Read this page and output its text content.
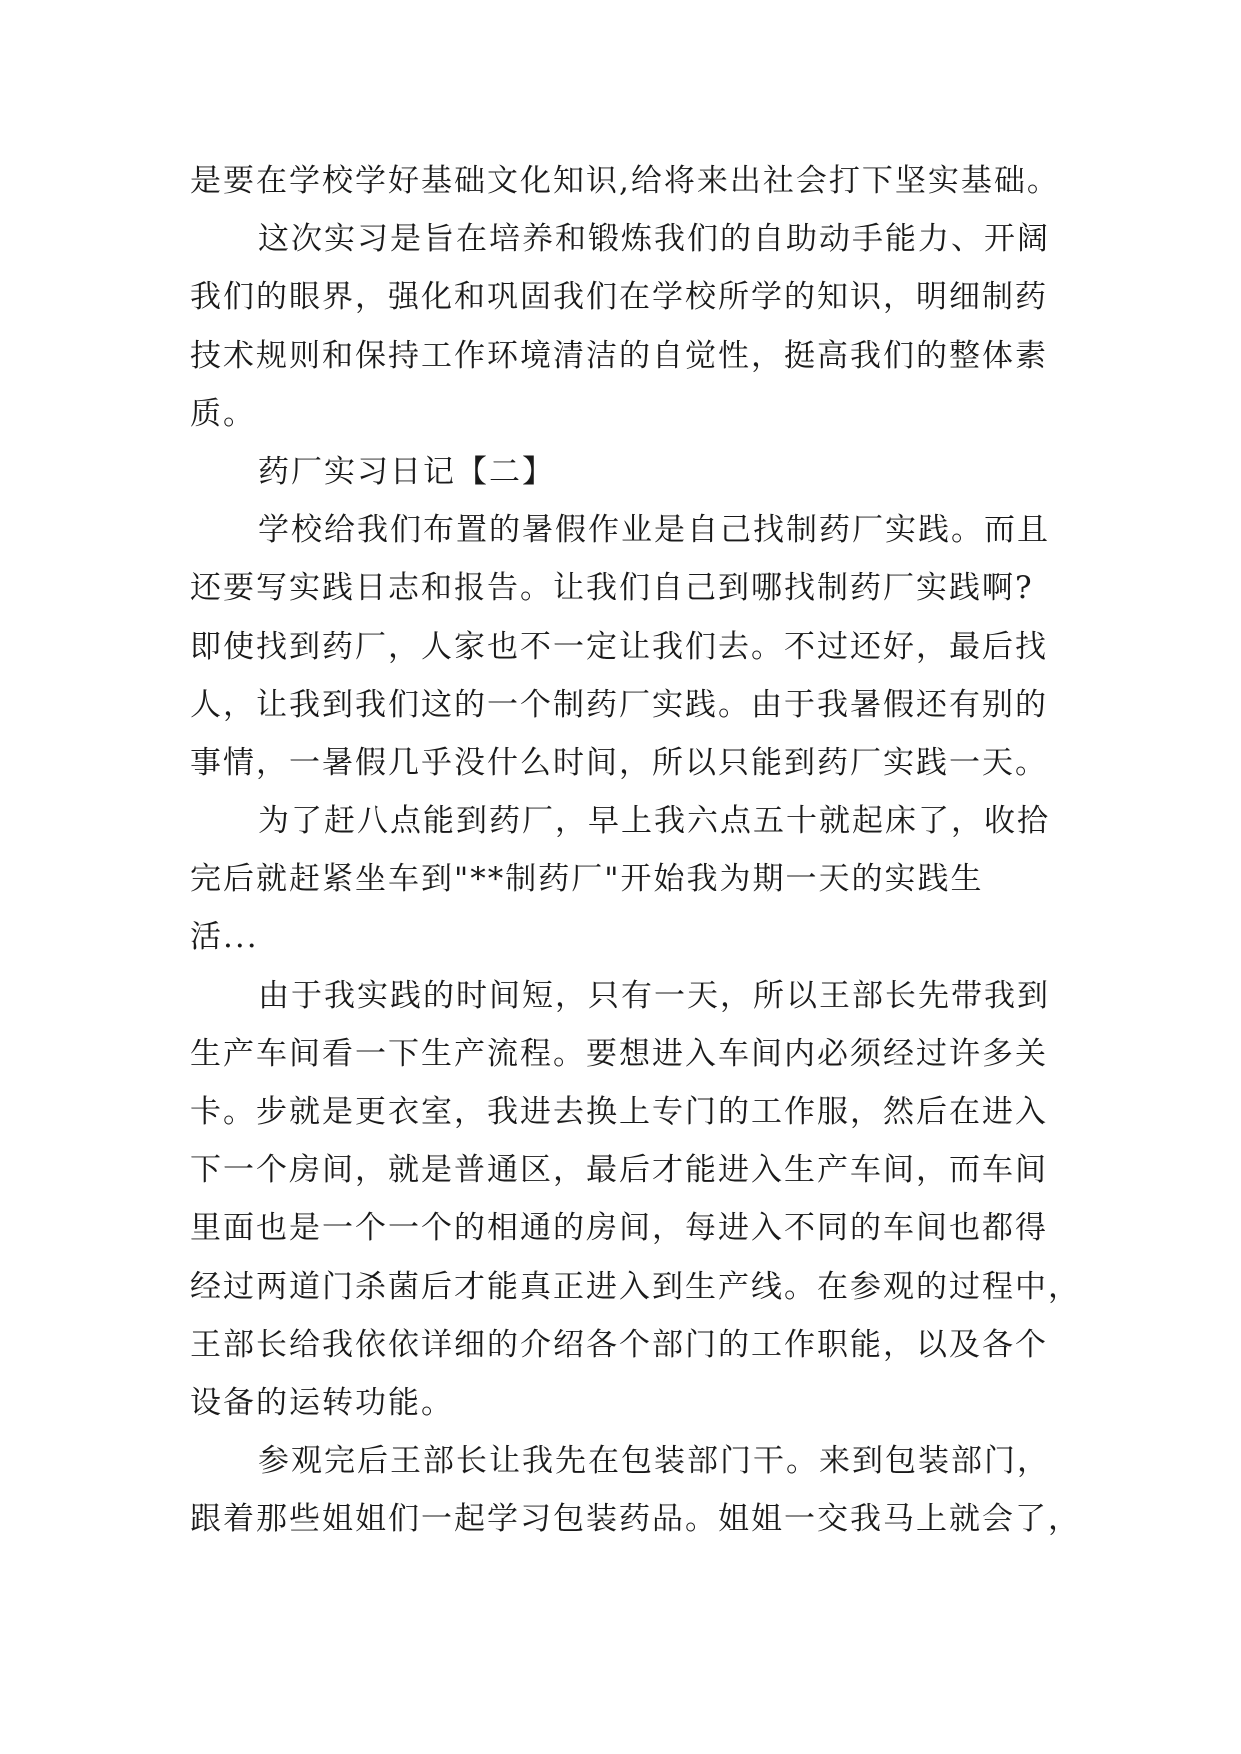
是要在学校学好基础文化知识,给将来出社会打下坚实基础。
这次实习是旨在培养和锻炼我们的自助动手能力、开阔
我们的眼界，强化和巩固我们在学校所学的知识，明细制药
技术规则和保持工作环境清洁的自觉性，挺高我们的整体素
质。
药厂实习日记【二】
学校给我们布置的暑假作业是自己找制药厂实践。而且
还要写实践日志和报告。让我们自己到哪找制药厂实践啊?
即使找到药厂，人家也不一定让我们去。不过还好，最后找
人，让我到我们这的一个制药厂实践。由于我暑假还有别的
事情，一暑假几乎没什么时间，所以只能到药厂实践一天。
为了赶八点能到药厂，早上我六点五十就起床了，收拾
完后就赶紧坐车到"**制药厂"开始我为期一天的实践生
活...
由于我实践的时间短，只有一天，所以王部长先带我到
生产车间看一下生产流程。要想进入车间内必须经过许多关
卡。步就是更衣室，我进去换上专门的工作服，然后在进入
下一个房间，就是普通区，最后才能进入生产车间，而车间
里面也是一个一个的相通的房间，每进入不同的车间也都得
经过两道门杀菌后才能真正进入到生产线。在参观的过程中，
王部长给我依依详细的介绍各个部门的工作职能，以及各个
设备的运转功能。
参观完后王部长让我先在包装部门干。来到包装部门，
跟着那些姐姐们一起学习包装药品。姐姐一交我马上就会了，
